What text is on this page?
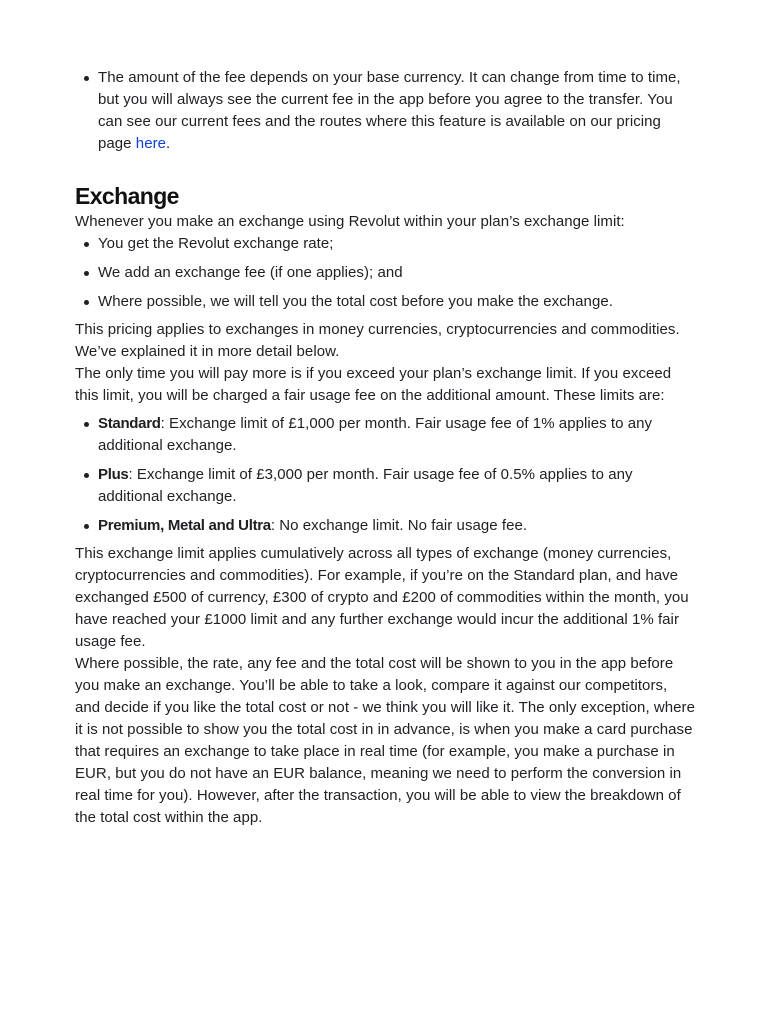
The amount of the fee depends on your base currency. It can change from time to time, but you will always see the current fee in the app before you agree to the transfer. You can see our current fees and the routes where this feature is available on our pricing page here.
Exchange

Whenever you make an exchange using Revolut within your plan’s exchange limit:

You get the Revolut exchange rate;
We add an exchange fee (if one applies); and
Where possible, we will tell you the total cost before you make the exchange.

This pricing applies to exchanges in money currencies, cryptocurrencies and commodities.

We’ve explained it in more detail below.

The only time you will pay more is if you exceed your plan’s exchange limit. If you exceed this limit, you will be charged a fair usage fee on the additional amount. These limits are:

Standard: Exchange limit of £1,000 per month. Fair usage fee of 1% applies to any additional exchange.
Plus: Exchange limit of £3,000 per month. Fair usage fee of 0.5% applies to any additional exchange.
Premium, Metal and Ultra: No exchange limit. No fair usage fee.

This exchange limit applies cumulatively across all types of exchange (money currencies, cryptocurrencies and commodities). For example, if you’re on the Standard plan, and have exchanged £500 of currency, £300 of crypto and £200 of commodities within the month, you have reached your £1000 limit and any further exchange would incur the additional 1% fair usage fee.

Where possible, the rate, any fee and the total cost will be shown to you in the app before you make an exchange. You’ll be able to take a look, compare it against our competitors, and decide if you like the total cost or not - we think you will like it. The only exception, where it is not possible to show you the total cost in in advance, is when you make a card purchase that requires an exchange to take place in real time (for example, you make a purchase in EUR, but you do not have an EUR balance, meaning we need to perform the conversion in real time for you). However, after the transaction, you will be able to view the breakdown of the total cost within the app.
